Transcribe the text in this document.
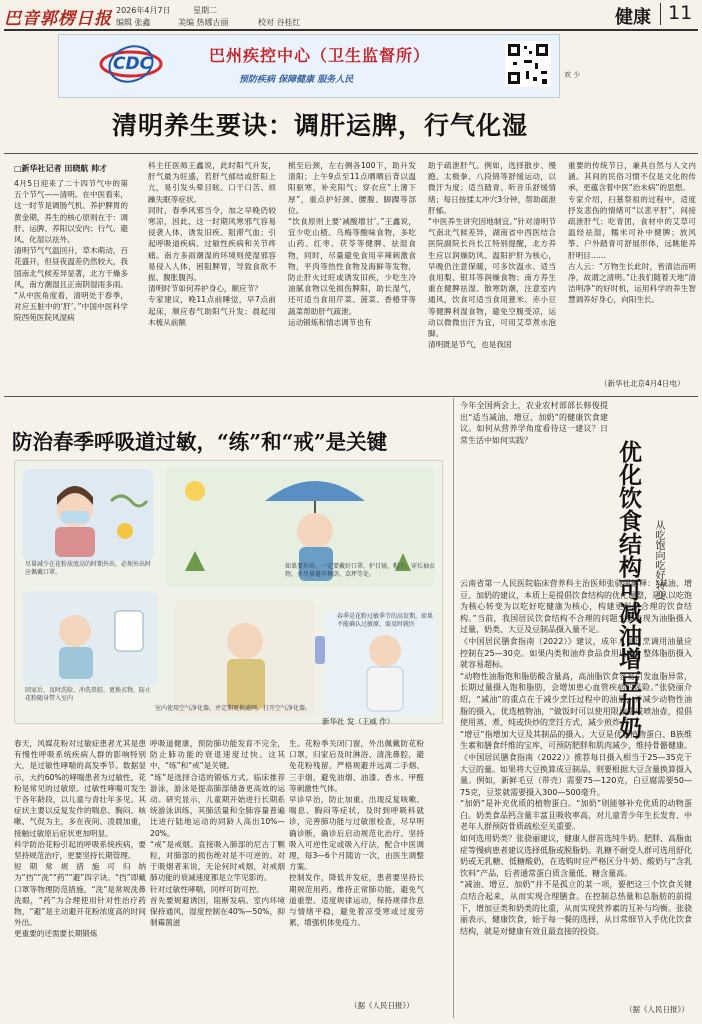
巴音郭楞日报 2026年4月7日	星期二
编辑 张鑫	美编 热娜古丽	校对 谷桂红	健康 11
CDC	巴州疾控中心（卫生监督所）
预防疾病 保障健康 服务人民	欢 少
清明养生要诀：调肝运脾，行气化湿
□新华社记者 田晓航 帅才
4月5日迎来了二十四节气中的第五个节气——清明。在中医看来，这一时节是调肠气机、养护脾胃的黄金期，养生的核心原则在于：调肝、运脾、养阳以安内；行气、避风、化湿以祛外。
清明节气气温回升，草木萌动，百花盛开，但昼夜温差仍然较大，我国南北气候差异显著，北方干燥多风，南方潮湿且正南阴湿雨多雨。
“从中医角度看，清明处于春季，对应五脏中的‘肝’。”中国中医科学院西苑医院风湿病
科主任医师王鑫说，此时阳气升发，肝气最为旺盛，若肝气郁结或肝阳上亢，易引发头晕目眩、口干口苦、烦躁失眠等症状。
同时，春季风邪当令，加之早晚仍较寒凉，因此，这一时期风寒邪气容易侵袭人体，诱发旧疾、阻滞气血；引起呼吸道疾病、过敏性疾病和关节疼痛。南方多雨潮湿的环境则使湿邪容易侵入人体，困阻脾胃，导致食欲不振、腹胀腹泻。
清明时节如何养护身心，顺应节？
专家建议，晚11点前睡觉，早7点前起床，顺应春气助阳气升发；晨起用木梳从前额
梳至后颈，左右侧各100下，助升发清阳；上午9点至11点晒晒后背以温阳驱寒，补充阳气；穿衣应“上薄下厚”，重点护好颈、腰腹、脚踝等部位。
“饮食原则上要‘减酸增甘’。”王鑫说，宜少吃山楂、乌梅等酸味食物，多吃山药、红枣、茯苓等健脾、祛湿食物，同时，尽量避免食用辛辣刺激食物，平肉等热性食物及海鲜等发物，防止肝火过旺或诱发旧疾，少吃生冷油腻食物以免损伤脾阳，助长湿气，还可适当食用芹菜、菠菜、香椿芽等蔬菜帮助肝气疏泄。
运动锻炼和情志调节也有
助于疏泄肝气。例如，选择散步、慢跑、太极拳、八段锦等舒缓运动，以微汗为度；适当踏青、听音乐舒缓情绪；每日按揉太冲穴3分钟，帮助疏泄肝郁。
“中医养生讲究因地制宜。”针对清明节气南北气候差异，湖南省中西医结合医院副院长肖长江特别提醒，北方养生应以润燥防风、温阳护肝为核心，早晚仍注意保暖，可多饮温水、适当食用梨、银耳等润燥食物；南方养生重在健脾祛湿、散寒防潮，注意室内通风，饮食可适当食用薏米、赤小豆等健脾利湿食物，避免空腹受凉，运动以微微出汗为宜，可用艾草煮水泡脚。
清明既是节气，也是我国
重要的传统节日，兼具自然与人文内涵。其间的民俗习惯不仅是文化的传承，更蕴含着中医“治未病”的思想。
专家介绍，扫墓祭祖的过程中，适度抒发悲伤的情绪可“以悲平肝”，间接疏泄肝气；吃青团，食材中的艾草可温经祛湿，糯米可补中健脾；放风筝、户外踏青可舒展形体，远眺能养肝明目……
古人云：“万物生长此时，皆清洁而明净，故谓之清明。”让我们随着天地“清洁明净”的好时机，运用科学的养生智慧调养好身心，向阳生长。
（新华社北京4月4日电）
防治春季呼吸道过敏，“练”和“戒”是关键
尽量减少在花粉浓度高的时期外出，必须外出时应佩戴口罩。
如果要外出，一定要戴好口罩、护目镜、帽子，穿长袖衣物，并尽量避开树荫、草坪等处。
回家后，及时洗脸、冲洗鼻腔、更换衣物，防止花粉随身带入室内
春季是花粉过敏季节的高发期，如果不能确认过敏原，需及时就医
室内使用空气净化器，并定期更换滤网，打开空气净化器。
新华社 发（王威 作）
春天，风媒花粉对过敏症患者尤其是患有慢性呼吸系统疾病人群的影响特别大，是过敏性哮喘的高发季节。数据显示，大约60%的哮喘患者为过敏性，花粉是常见的过敏原。过敏性哮喘可发生于各年龄段，以儿童与青壮年多见。其症状主要以反复发作的喘息、胸闷、咳嗽、气促为主，多在夜间、凌晨加重，接触过敏原后症状更加明显。
科学防治花粉引起的呼吸系统疾病，要坚持规范治疗，更要坚持长期管理。
短期常规措施可归纳为“挡”“洗”“药”“避”四字诀。“挡”即戴口罩等物理防范措施，“洗”是常规洗鼻洗眼，“药”为合理使用针对性治疗药物，“避”是主动避开花粉浓度高的时间外出。
更重要的还需要长期锻炼
呼吸道健康，预防肺功能发育不完全，防止肺功能的衰退速度过快。这其中，“练”和“戒”是关键。
“练”是选择合适的锻炼方式。临床推荐游泳，游泳是提高肺部储备更高效的运动。研究显示，儿童期开始进行长期系统游泳训练，其肺活量和全肺容量普遍比进行陆地运动的同龄人高出10%—20%。
“戒”是戒烟。直接吸入肺部的尼古丁颗粒，对肺部的损伤绝对是不可逆的。对于吸烟者来说，无论何时戒烟，对戒烟肺功能的衰减速度都是立竿见影的。
针对过敏性哮喘，同样可防可控。
首先要规避诱因，阻断发病。室内环境保持通风，湿度控制在40%—50%，抑制霉菌滋
生。花粉季关闭门窗，外出佩戴防花粉口罩，归家后及时淋浴、清洗鼻腔，避免花粉残留。严格规避并远离二手烟、三手烟，避免油烟、油漆、香水、甲醛等刺激性气体。
早诊早治，防止加重。出现反复咳嗽、喘息、胸闷等症状，及时到呼吸科就诊，完善肺功能与过敏原检查，尽早明确诊断，确诊后启动规范化治疗。坚持吸入可逆性定或吸入疗法，配合中医调理，每3—6个月随访一次，由医生调整方案。
控制发作，降低并发症，患者要坚持长期规范用药，维持正常肺功能，避免气道重塑。适度规律运动，保持规律作息与情绪平稳，避免着凉受寒或过度劳累，增强机体免疫力。
（据《人民日报》）
今年全国两会上，农业农村部部长韩俊提出“适当减油、增豆、加奶”的健康饮食建议。如何从营养学角度看待这一建议？日常生活中如何实践？	优化饮食结构可减油增豆加奶	从吃饱向吃好转变
云南省第一人民医院临床营养科主治医师张骁丽解释：“减油、增豆、加奶的建议，本质上是提倡饮食结构的优化调整，是从以吃饱为核心转变为以吃好吃健康为核心，构建更科学合理的饮食结构。”当前，我国居民饮食结构不合理的问题主要表现为油脂摄入过量，奶类、大豆及豆制品摄入量不足。
《中国居民膳食指南（2022）》建议，成年人每日烹调用油量应控制在25—30克。如果内类和油炸食品食用过多，整体脂肪摄入就容易超标。
“动物性油脂饱和脂肪酸含量高，高油脂饮食容易引发血脂异常，长期过量摄入饱和脂肪，会增加患心血管疾病的风险。”张骁丽介绍，“减油”的重点在于减少烹饪过程中的油量，并减少动物性油脂的摄入，优选植物油，“做饭时可以使用限油壶或喷油壶，提倡使用蒸、煮、炖或快炒的烹饪方式，减少煎炸。”
“增豆”指增加大豆及其制品的摄入。大豆是优质植物蛋白、B族维生素和膳食纤维的宝库，可预防肥胖和肌肉减少，维持骨骼健康。《中国居民膳食指南（2022）》推荐每日摄入相当于25—35克干大豆的量。如果将大豆换算成豆制品，则要根据大豆含量换算摄入量。例如，新鲜毛豆（带壳）需要75—120克，白豆腐需要50—75克，豆浆就需要摄入300—500毫升。
“加奶”是补充优质的植物蛋白。“加奶”则能够补充优质的动物蛋白。奶类食品钙含量丰富且吸收率高，对儿童青少年生长发育、中老年人群预防骨质疏松至关重要。
如何选用奶类？张骁丽建议，健康人群首选纯牛奶。肥胖、高脂血症等慢病患者建议选择低脂或脱脂奶。乳糖不耐受人群可选用舒化奶或无乳糖、低糖酸奶，在选购时应严格区分牛奶、酸奶与“含乳饮料”产品，后者通常蛋白质含量低、糖含量高。
“减油、增豆、加奶”并不是孤立的某一项，要把这三个饮食关键点结合起来，从而实现合理膳食。在控制总热量和总脂肪的前提下，增加豆类和奶类的比重，从而实现营养素的互补与均衡。张骁丽表示，健康饮食，始于每一餐的选择，从日常细节入手优化饮食结构，就是对健康有效且最直接的投资。
（据《人民日报》）
